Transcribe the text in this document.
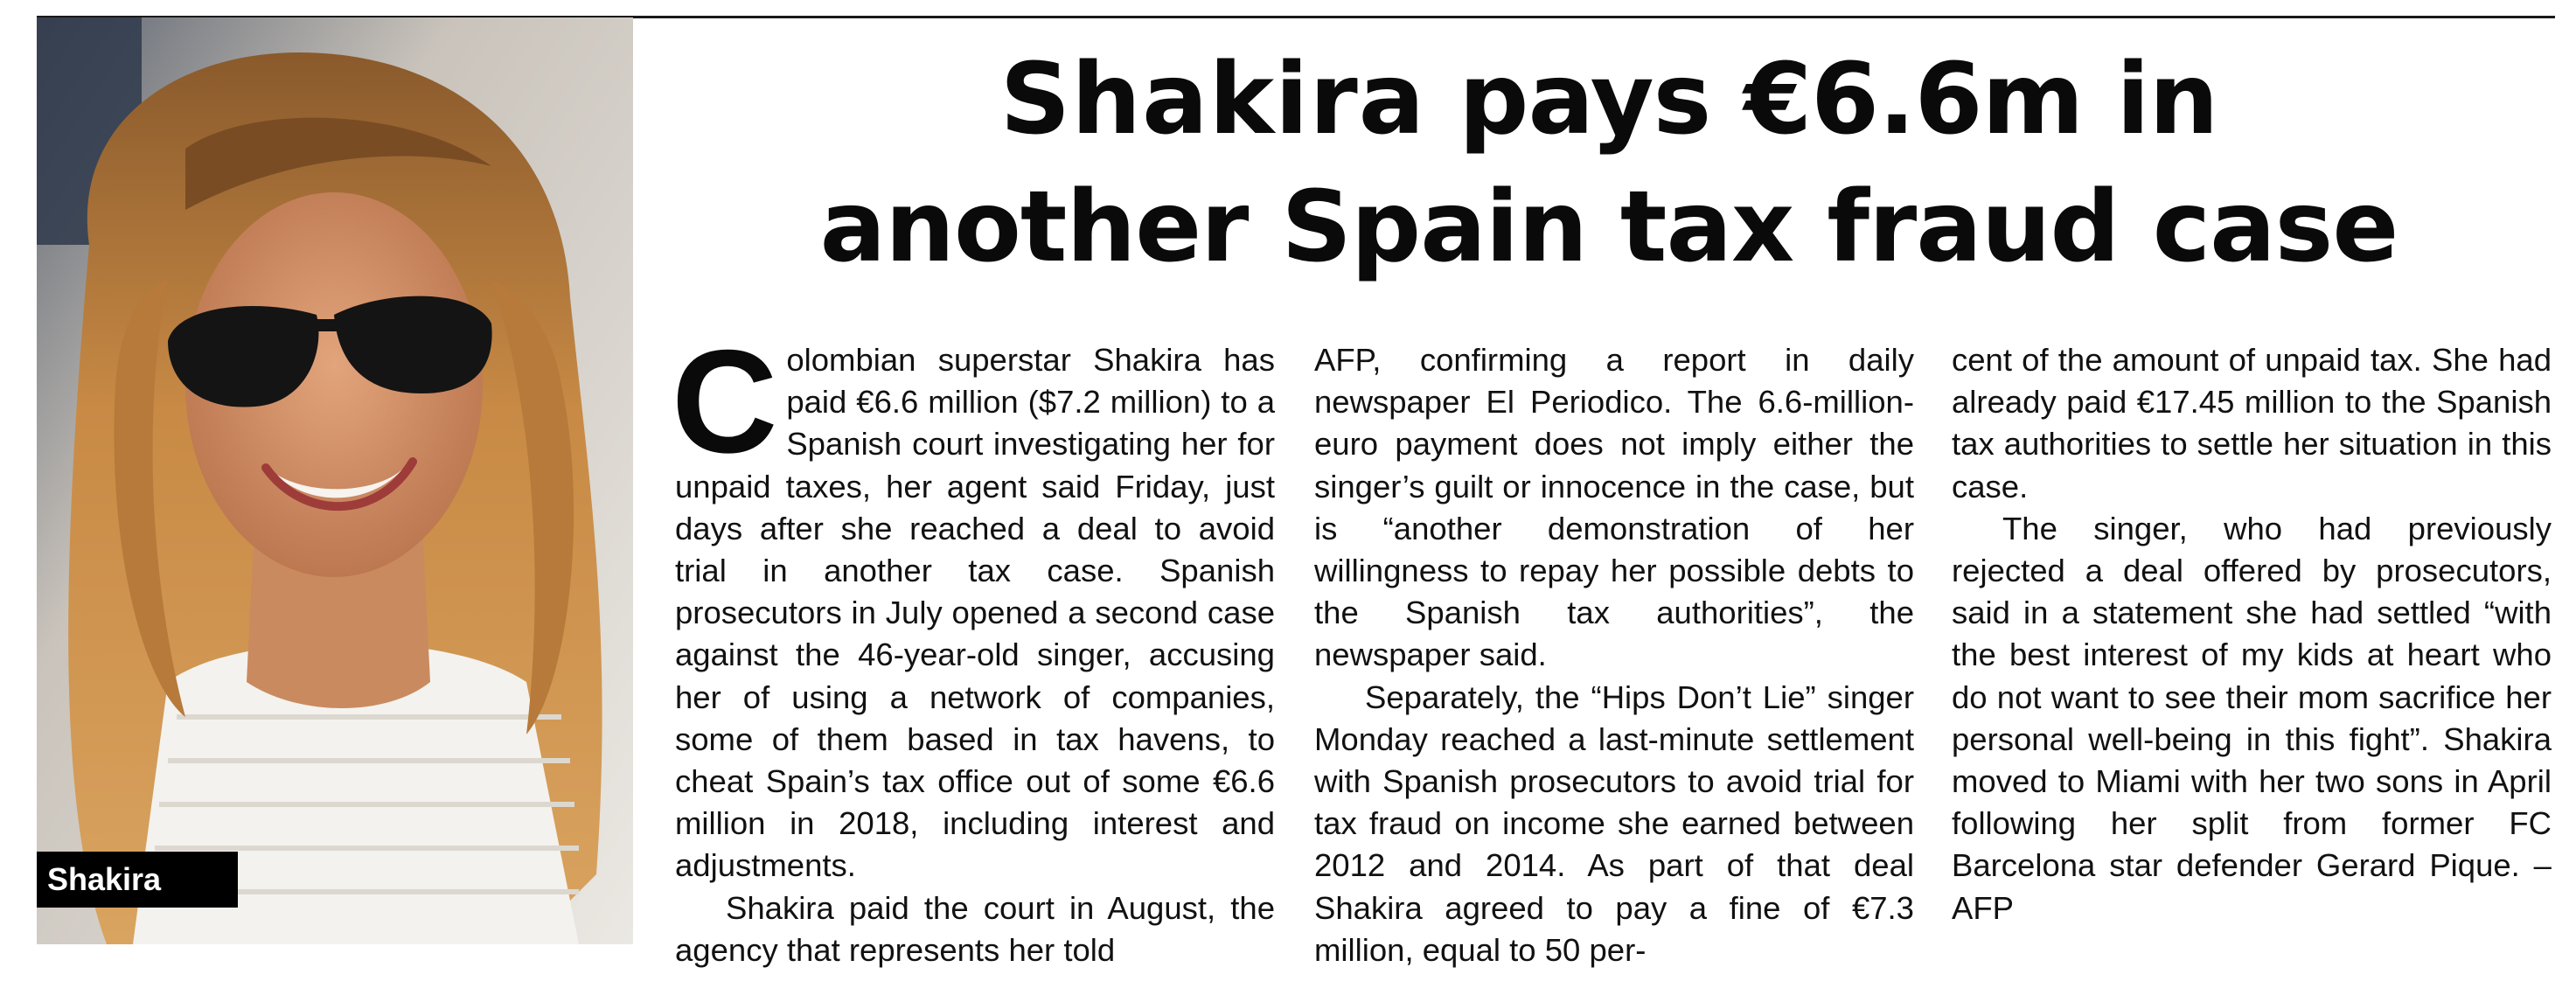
Shakira
Shakira pays €6.6m in
another Spain tax fraud case

Colombian superstar Shakira has paid €6.6 million ($7.2 million) to a Spanish court investigating her for unpaid taxes, her agent said Friday, just days after she reached a deal to avoid trial in another tax case. Spanish prosecutors in July opened a second case against the 46-year-old singer, accusing her of using a network of companies, some of them based in tax havens, to cheat Spain’s tax office out of some €6.6 million in 2018, including interest and adjustments.

Shakira paid the court in August, the agency that represents her told

AFP, confirming a report in daily newspaper El Periodico. The 6.6-million-euro payment does not imply either the singer’s guilt or innocence in the case, but is “another demonstration of her willingness to repay her possible debts to the Spanish tax authorities”, the newspaper said.

Separately, the “Hips Don’t Lie” singer Monday reached a last-minute settlement with Spanish prosecutors to avoid trial for tax fraud on income she earned between 2012 and 2014. As part of that deal Shakira agreed to pay a fine of €7.3 million, equal to 50 per-

cent of the amount of unpaid tax. She had already paid €17.45 million to the Spanish tax authorities to settle her situation in this case.

The singer, who had previously rejected a deal offered by prosecutors, said in a statement she had settled “with the best interest of my kids at heart who do not want to see their mom sacrifice her personal well-being in this fight”. Shakira moved to Miami with her two sons in April following her split from former FC Barcelona star defender Gerard Pique. – AFP
